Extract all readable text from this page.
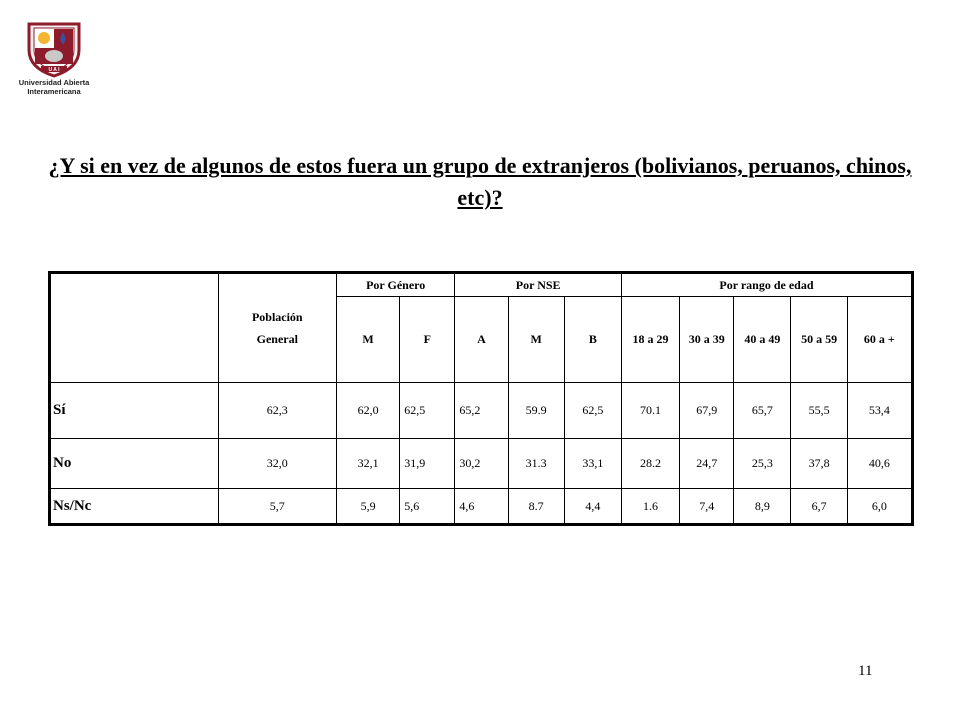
U A I
Universidad Abierta
Interamericana
¿Y si en vez de algunos de estos fuera un grupo de extranjeros (bolivianos, peruanos, chinos, etc)?

	Población
General	Por Género		Por NSE			Por rango de edad				
		M	F	A	M	B	18 a 29	30 a 39	40 a 49	50 a 59	60 a +
Sí	62,3	62,0	62,5	65,2	59.9	62,5	70.1	67,9	65,7	55,5	53,4
No	32,0	32,1	31,9	30,2	31.3	33,1	28.2	24,7	25,3	37,8	40,6
Ns/Nc	5,7	5,9	5,6	4,6	8.7	4,4	1.6	7,4	8,9	6,7	6,0
11
